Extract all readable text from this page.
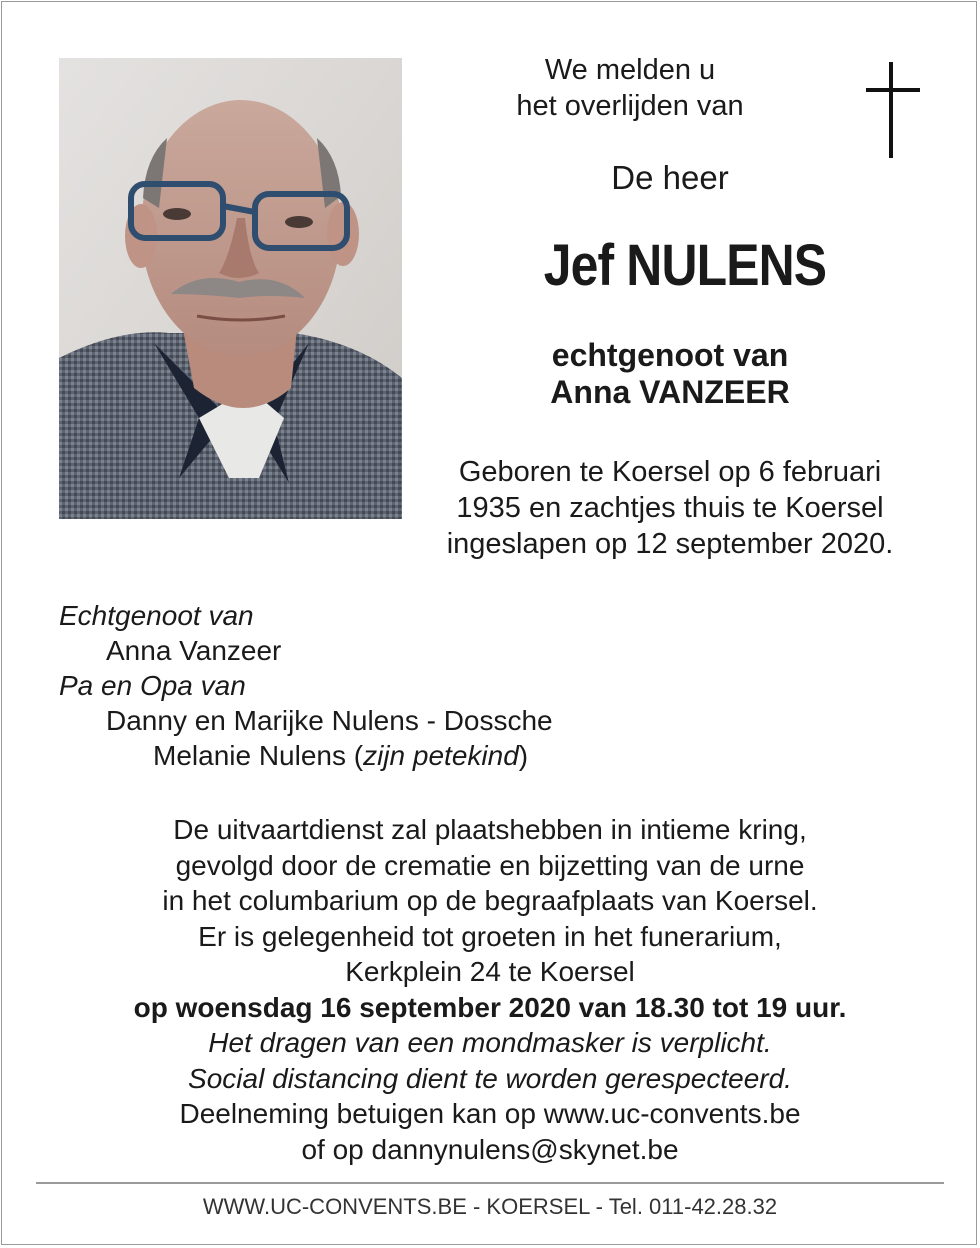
We melden u
het overlijden van
De heer
Jef NULENS
echtgenoot van
Anna VANZEER
Geboren te Koersel op 6 februari
1935 en zachtjes thuis te Koersel
ingeslapen op 12 september 2020.
Echtgenoot van
Anna Vanzeer
Pa en Opa van
Danny en Marijke Nulens - Dossche
Melanie Nulens (zijn petekind)
De uitvaartdienst zal plaatshebben in intieme kring,
gevolgd door de crematie en bijzetting van de urne
in het columbarium op de begraafplaats van Koersel.
Er is gelegenheid tot groeten in het funerarium,
Kerkplein 24 te Koersel
op woensdag 16 september 2020 van 18.30 tot 19 uur.
Het dragen van een mondmasker is verplicht.
Social distancing dient te worden gerespecteerd.
Deelneming betuigen kan op www.uc-convents.be
of op dannynulens@skynet.be
WWW.UC-CONVENTS.BE - KOERSEL - Tel. 011-42.28.32
